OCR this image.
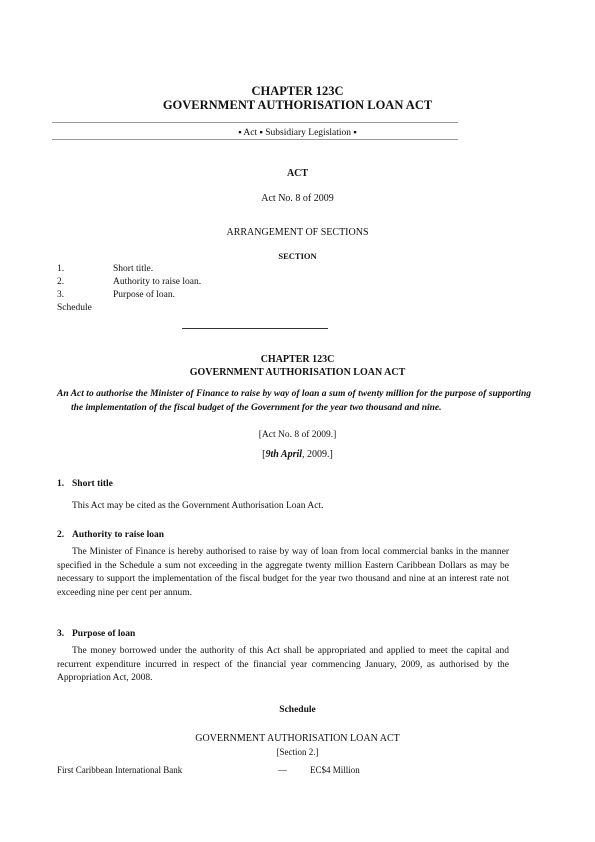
CHAPTER 123C
GOVERNMENT AUTHORISATION LOAN ACT
▪ Act ▪ Subsidiary Legislation ▪
ACT
Act No. 8 of 2009
ARRANGEMENT OF SECTIONS
SECTION
1.	Short title.
2.	Authority to raise loan.
3.	Purpose of loan.
Schedule
CHAPTER 123C
GOVERNMENT AUTHORISATION LOAN ACT
An Act to authorise the Minister of Finance to raise by way of loan a sum of twenty million for the purpose of supporting the implementation of the fiscal budget of the Government for the year two thousand and nine.
[Act No. 8 of 2009.]
[9th April, 2009.]
1. Short title
This Act may be cited as the Government Authorisation Loan Act.
2. Authority to raise loan
The Minister of Finance is hereby authorised to raise by way of loan from local commercial banks in the manner specified in the Schedule a sum not exceeding in the aggregate twenty million Eastern Caribbean Dollars as may be necessary to support the implementation of the fiscal budget for the year two thousand and nine at an interest rate not exceeding nine per cent per annum.
3. Purpose of loan
The money borrowed under the authority of this Act shall be appropriated and applied to meet the capital and recurrent expenditure incurred in respect of the financial year commencing January, 2009, as authorised by the Appropriation Act, 2008.
Schedule
GOVERNMENT AUTHORISATION LOAN ACT
[Section 2.]
First Caribbean International Bank	—	EC$4 Million
